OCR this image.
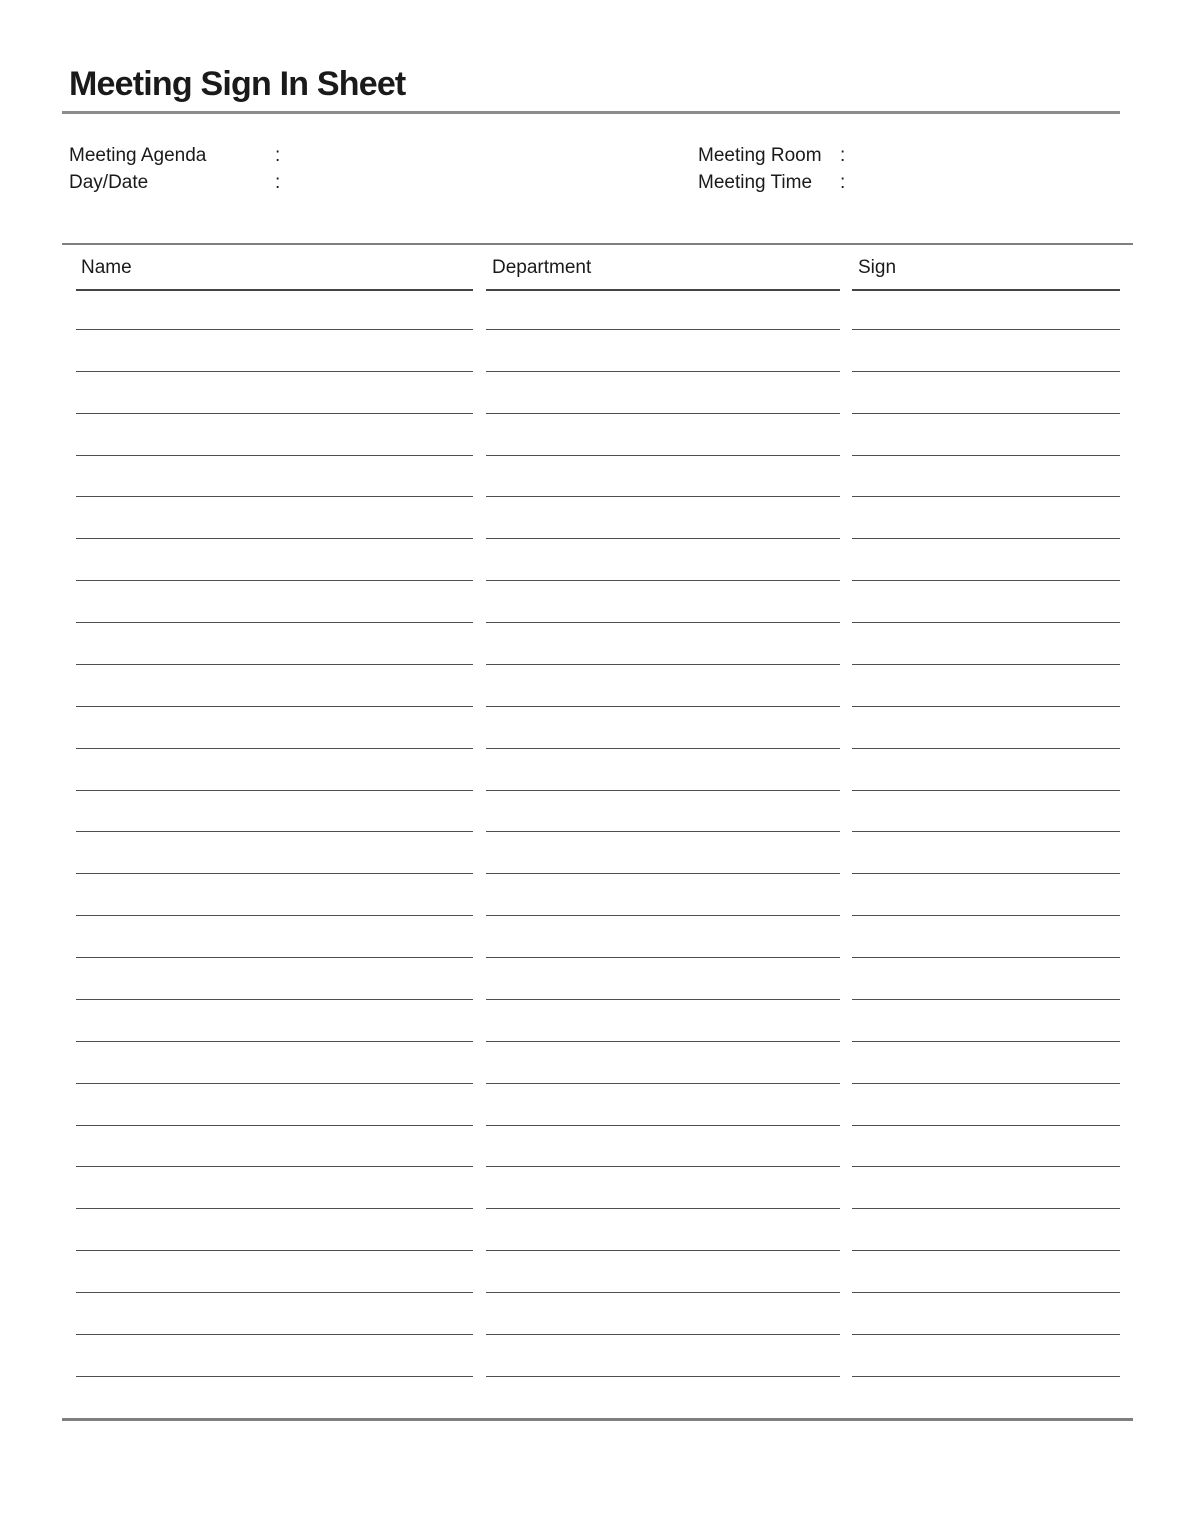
Meeting Sign In Sheet
Meeting Agenda	:
Day/Date	:
Meeting Room :
Meeting Time	:
Name	Department	Sign
